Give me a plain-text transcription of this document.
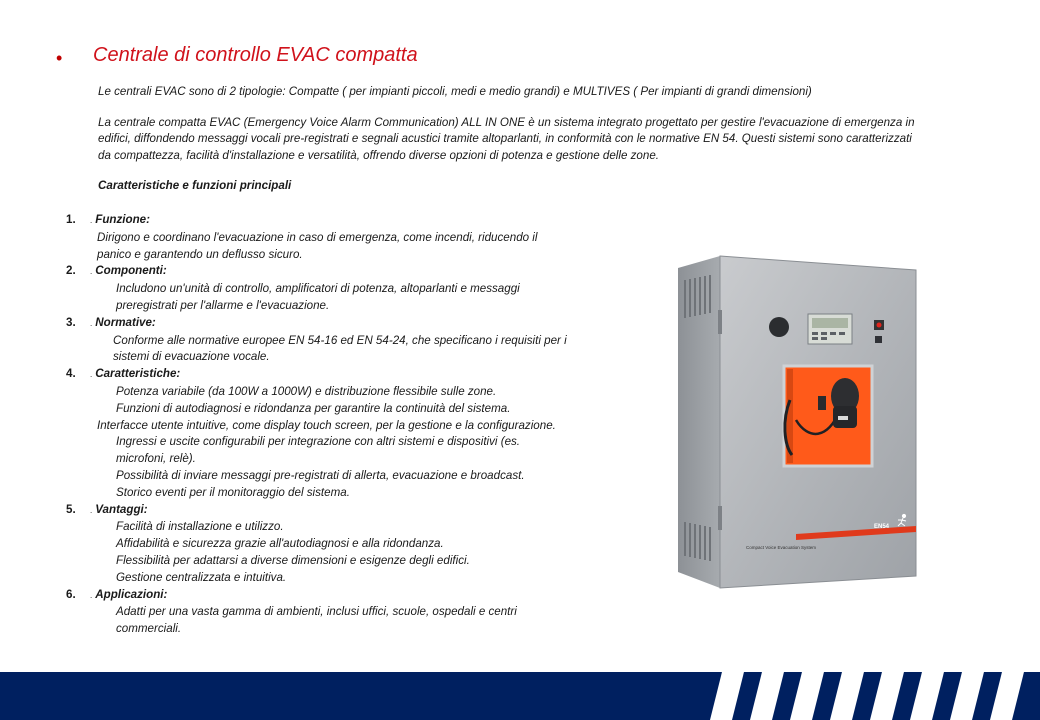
• Centrale di controllo EVAC compatta

Le centrali EVAC sono di 2 tipologie: Compatte ( per impianti piccoli, medi e medio grandi) e MULTIVES ( Per impianti di grandi dimensioni)

La centrale compatta EVAC (Emergency Voice Alarm Communication) ALL IN ONE è un sistema integrato progettato per gestire l'evacuazione di emergenza in edifici, diffondendo messaggi vocali pre-registrati e segnali acustici tramite altoparlanti, in conformità con le normative EN 54. Questi sistemi sono caratterizzati da compattezza, facilità d'installazione e versatilità, offrendo diverse opzioni di potenza e gestione delle zone.

Caratteristiche e funzioni principali
1.	. Funzione:
Dirigono e coordinano l'evacuazione in caso di emergenza, come incendi, riducendo il
panico e garantendo un deflusso sicuro.
2.	. Componenti:
Includono un'unità di controllo, amplificatori di potenza, altoparlanti e messaggi
preregistrati per l'allarme e l'evacuazione.
3.	. Normative:
Conforme alle normative europee EN 54-16 ed EN 54-24, che specificano i requisiti per i
sistemi di evacuazione vocale.
4.	. Caratteristiche:
Potenza variabile (da 100W a 1000W) e distribuzione flessibile sulle zone.
Funzioni di autodiagnosi e ridondanza per garantire la continuità del sistema.
Interfacce utente intuitive, come display touch screen, per la gestione e la configurazione.
Ingressi e uscite configurabili per integrazione con altri sistemi e dispositivi (es.
microfoni, relè).
Possibilità di inviare messaggi pre-registrati di allerta, evacuazione e broadcast.
Storico eventi per il monitoraggio del sistema.
5.	. Vantaggi:
Facilità di installazione e utilizzo.
Affidabilità e sicurezza grazie all'autodiagnosi e alla ridondanza.
Flessibilità per adattarsi a diverse dimensioni e esigenze degli edifici.
Gestione centralizzata e intuitiva.
6.	. Applicazioni:
Adatti per una vasta gamma di ambienti, inclusi uffici, scuole, ospedali e centri
commerciali.
EN54
Compact Voice Evacuation System
